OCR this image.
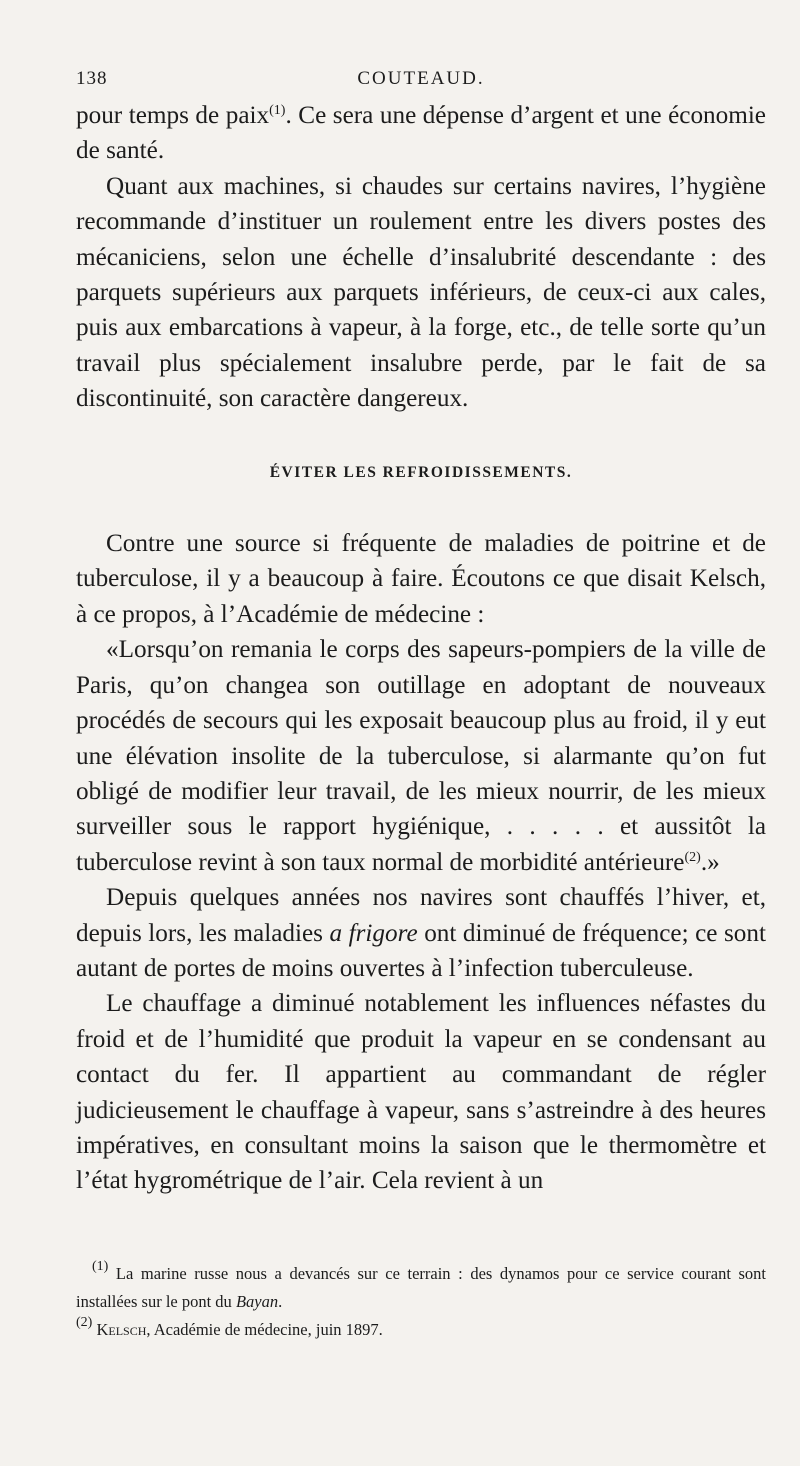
138	COUTEAUD.

pour temps de paix$^{(1)}$. Ce sera une dépense d’argent et une économie de santé.

Quant aux machines, si chaudes sur certains navires, l’hygiène recommande d’instituer un roulement entre les divers postes des mécaniciens, selon une échelle d’insalubrité descendante : des parquets supérieurs aux parquets inférieurs, de ceux-ci aux cales, puis aux embarcations à vapeur, à la forge, etc., de telle sorte qu’un travail plus spécialement insalubre perde, par le fait de sa discontinuité, son caractère dangereux.

ÉVITER LES REFROIDISSEMENTS.

Contre une source si fréquente de maladies de poitrine et de tuberculose, il y a beaucoup à faire. Écoutons ce que disait Kelsch, à ce propos, à l’Académie de médecine :

«Lorsqu’on remania le corps des sapeurs-pompiers de la ville de Paris, qu’on changea son outillage en adoptant de nouveaux procédés de secours qui les exposait beaucoup plus au froid, il y eut une élévation insolite de la tuberculose, si alarmante qu’on fut obligé de modifier leur travail, de les mieux nourrir, de les mieux surveiller sous le rapport hygiénique, . . . . . et aussitôt la tuberculose revint à son taux normal de morbidité antérieure$^{(2)}$.»

Depuis quelques années nos navires sont chauffés l’hiver, et, depuis lors, les maladies a frigore ont diminué de fréquence; ce sont autant de portes de moins ouvertes à l’infection tuberculeuse.

Le chauffage a diminué notablement les influences néfastes du froid et de l’humidité que produit la vapeur en se condensant au contact du fer. Il appartient au commandant de régler judicieusement le chauffage à vapeur, sans s’astreindre à des heures impératives, en consultant moins la saison que le thermomètre et l’état hygrométrique de l’air. Cela revient à un

$^{(1)}$ La marine russe nous a devancés sur ce terrain : des dynamos pour ce service courant sont installées sur le pont du Bayan.

$^{(2)}$ Kelsch, Académie de médecine, juin 1897.
